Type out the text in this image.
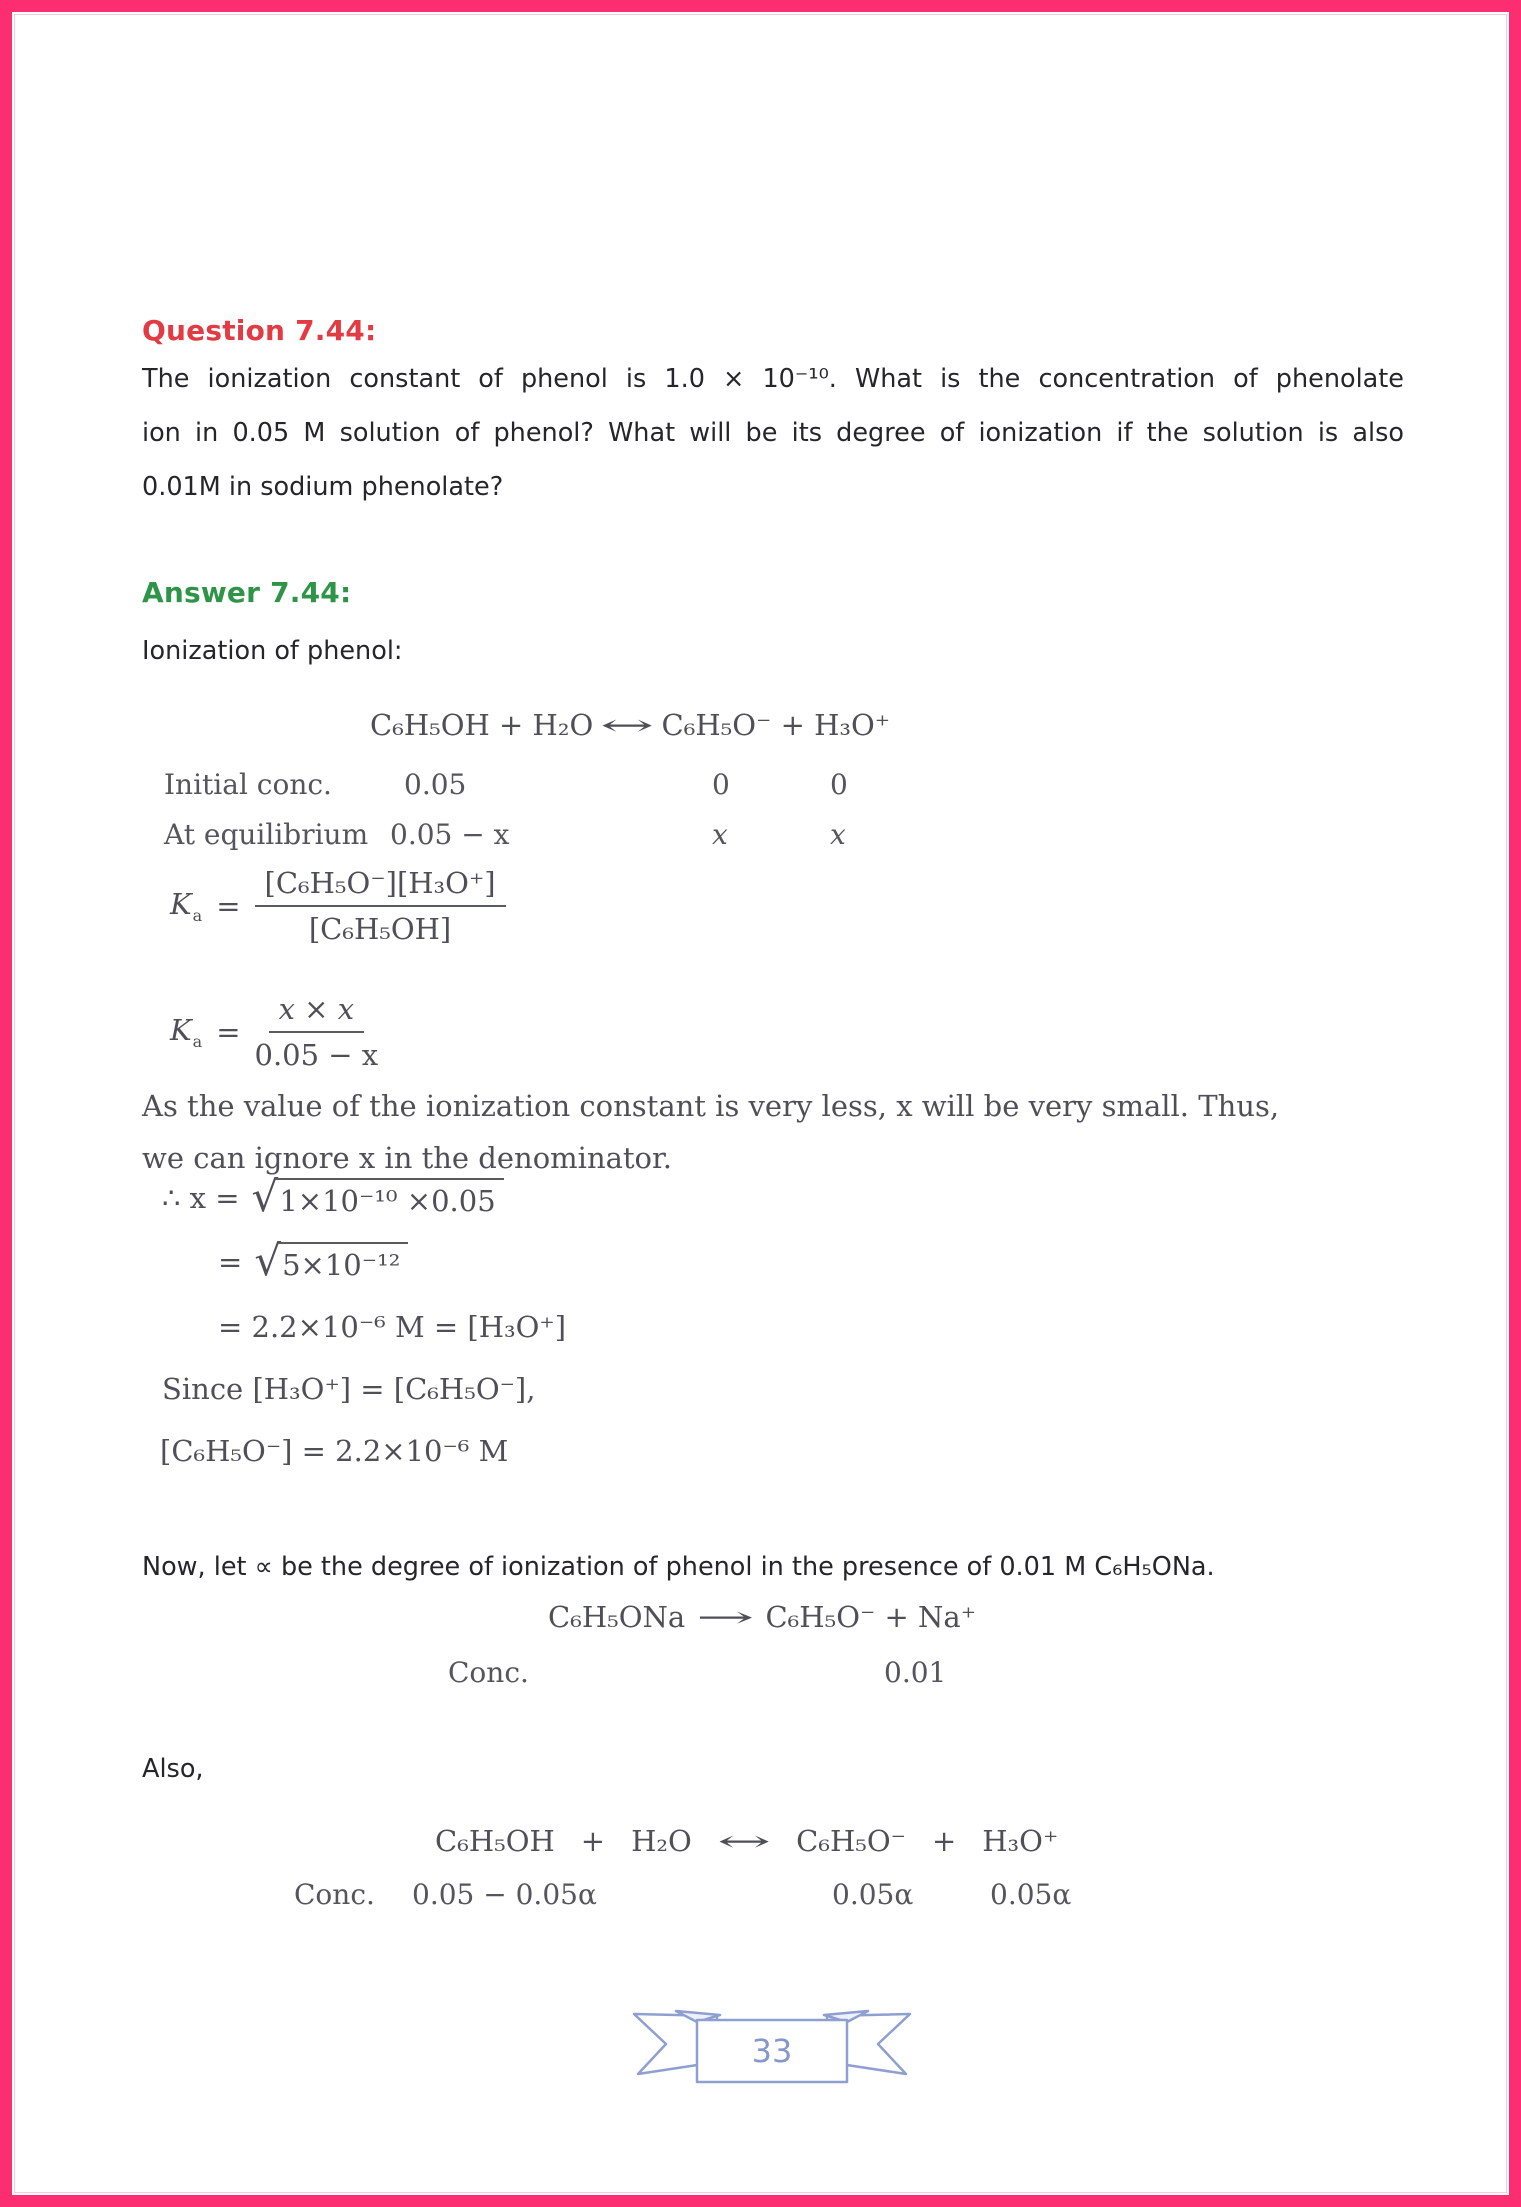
Question 7.44:
The ionization constant of phenol is 1.0 × 10⁻¹⁰. What is the concentration of phenolate
ion in 0.05 M solution of phenol? What will be its degree of ionization if the solution is also
0.01M in sodium phenolate?
Answer 7.44:
Ionization of phenol:
C₆H₅OH + H₂O ↔ C₆H₅O⁻ + H₃O⁺
Initial conc.	0.05	0	0
At equilibrium 0.05 − x	x	x
$K_a = \frac{\text{[C₆H₅O⁻][H₃O⁺]}}{\text{[C₆H₅OH]}}$
$K_a = \frac{x \times x}{0.05 - x}$
As the value of the ionization constant is very less, x will be very small. Thus,
we can ignore x in the denominator.
∴ x = √ 1×10⁻¹⁰ ×0.05
= √ 5×10⁻¹²
= 2.2×10⁻⁶ M = [H₃O⁺]
Since [H₃O⁺] = [C₆H₅O⁻],
[C₆H₅O⁻] = 2.2×10⁻⁶ M
Now, let ∝ be the degree of ionization of phenol in the presence of 0.01 M C₆H₅ONa.
C₆H₅ONa → C₆H₅O⁻ + Na⁺
Conc.	0.01
Also,
C₆H₅OH + H₂O ↔ C₆H₅O⁻ + H₃O⁺
Conc. 0.05 − 0.05α	0.05α	0.05α
33
